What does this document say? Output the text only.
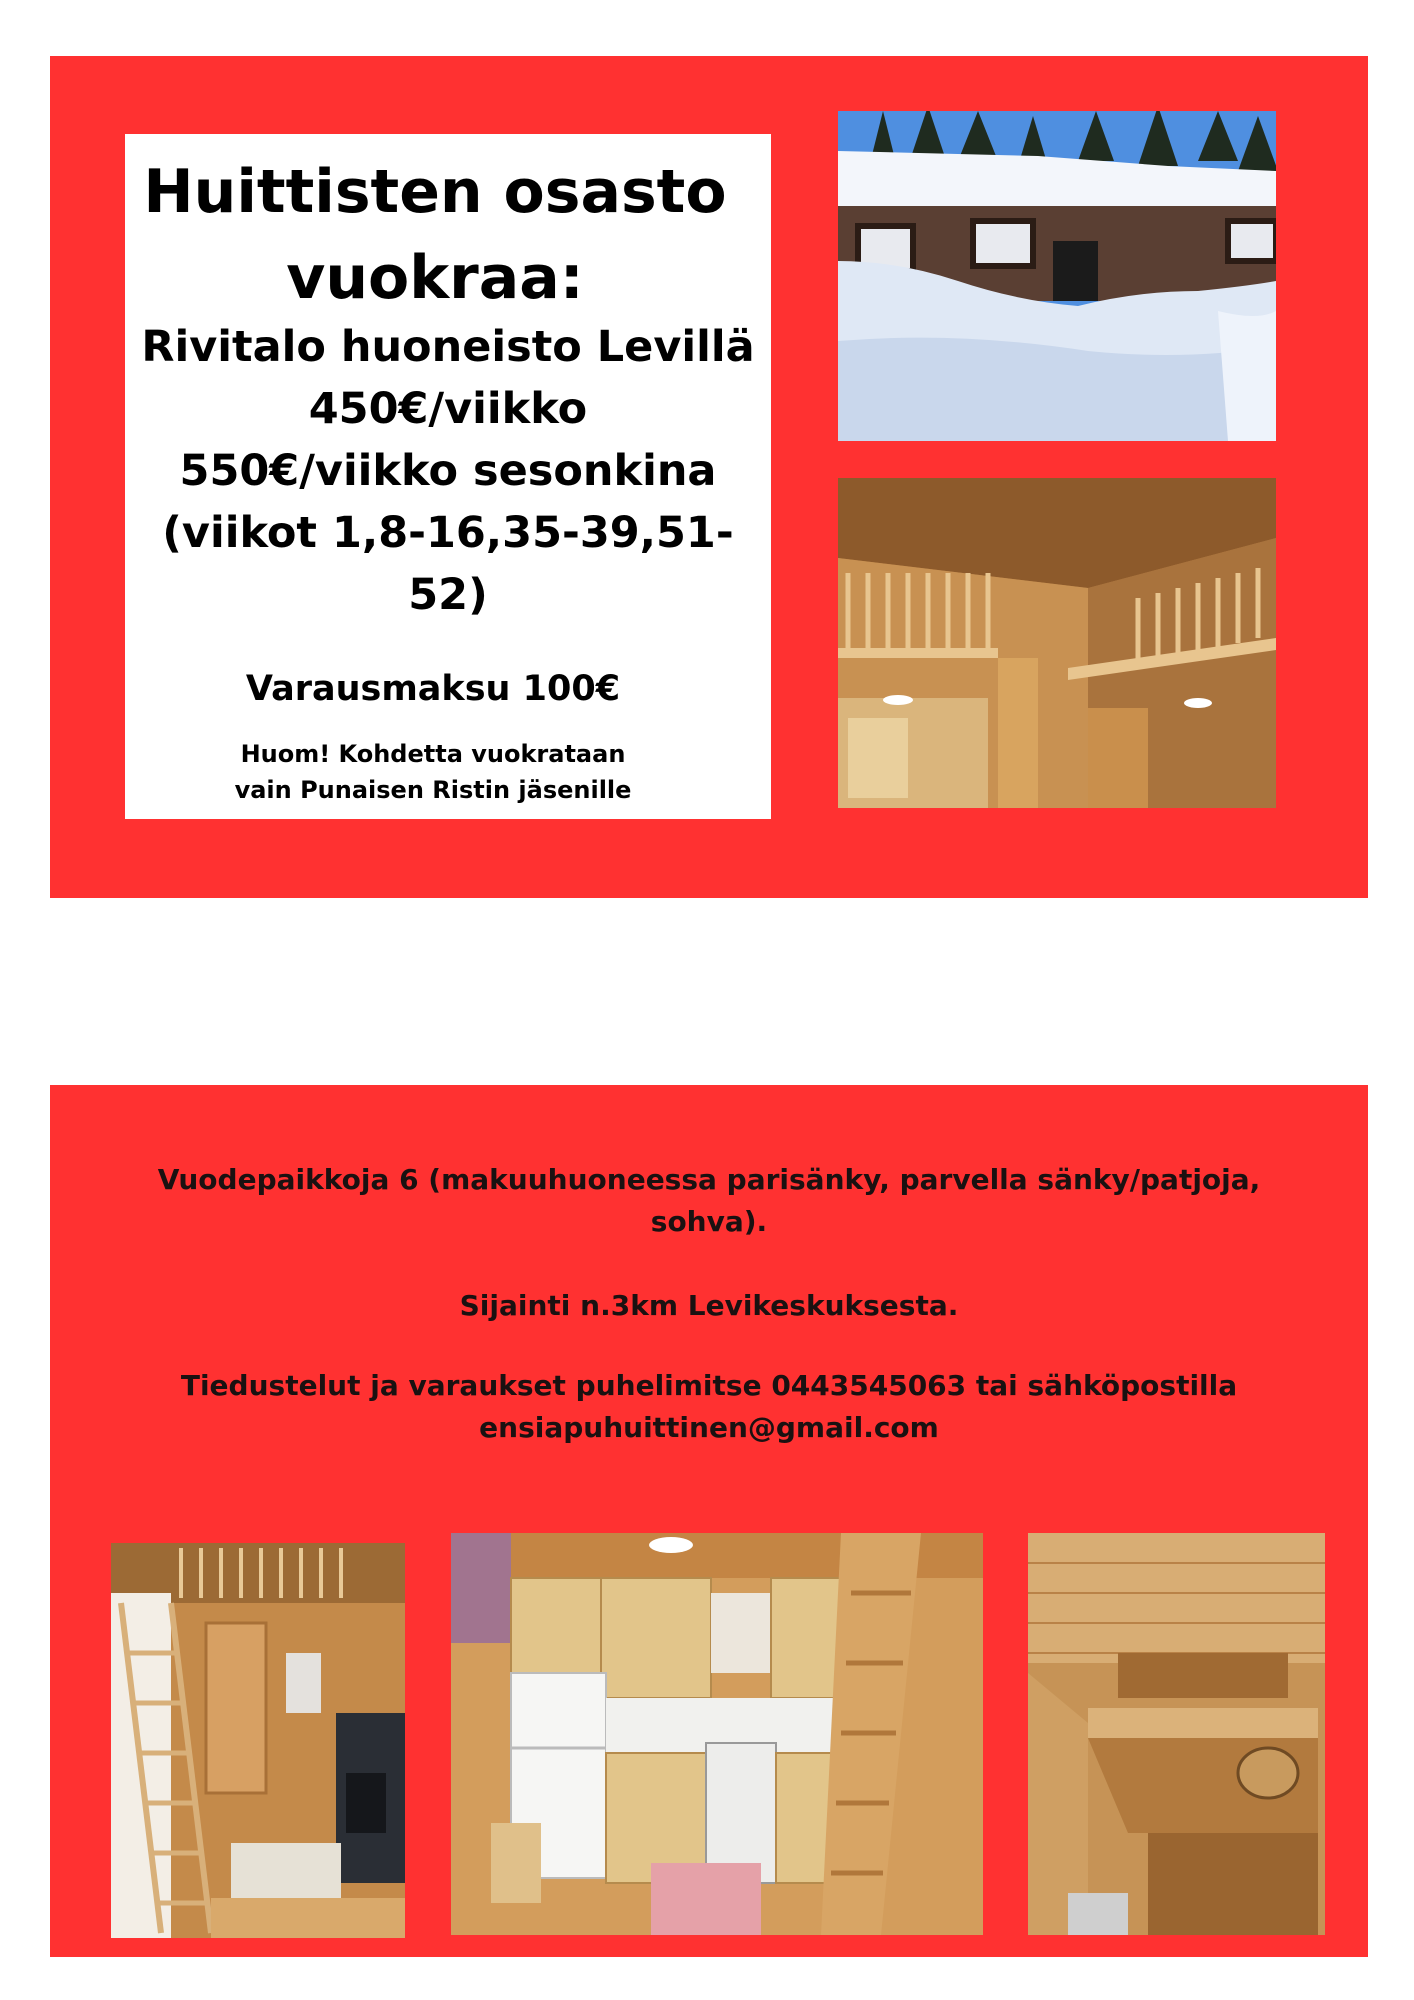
Huittisten osasto
vuokraa:
Rivitalo huoneisto Levillä
450€/viikko
550€/viikko sesonkina
(viikot 1,8-16,35-39,51-52)
Varausmaksu 100€
Huom! Kohdetta vuokrataan
vain Punaisen Ristin jäsenille
Vuodepaikkoja 6 (makuuhuoneessa parisänky, parvella sänky/patjoja,
sohva).
Sijainti n.3km Levikeskuksesta.
Tiedustelut ja varaukset puhelimitse 0443545063 tai sähköpostilla
ensiapuhuittinen@gmail.com
